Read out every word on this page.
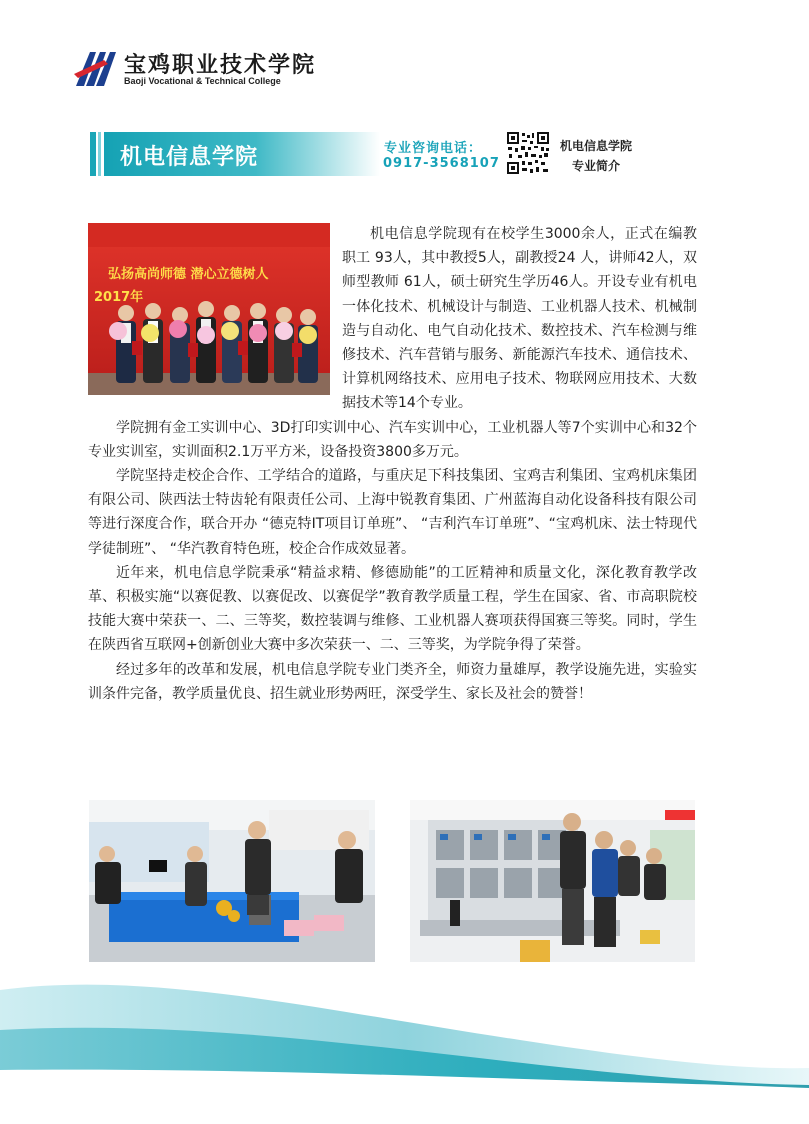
宝鸡职业技术学院
Baoji Vocational & Technical College
机电信息学院	专业咨询电话：
0917-3568107
机电信息学院
专业简介
弘扬高尚师德 潜心立德树人
2017年

机电信息学院现有在校学生3000余人，正式在编教职工 93人，其中教授5人，副教授24 人，讲师42人，双师型教师 61人，硕士研究生学历46人。开设专业有机电一体化技术、机械设计与制造、工业机器人技术、机械制造与自动化、电气自动化技术、数控技术、汽车检测与维修技术、汽车营销与服务、新能源汽车技术、通信技术、计算机网络技术、应用电子技术、物联网应用技术、大数据技术等14个专业。

学院拥有金工实训中心、3D打印实训中心、汽车实训中心，工业机器人等7个实训中心和32个专业实训室，实训面积2.1万平方米，设备投资3800多万元。

学院坚持走校企合作、工学结合的道路，与重庆足下科技集团、宝鸡吉利集团、宝鸡机床集团有限公司、陕西法士特齿轮有限责任公司、上海中锐教育集团、广州蓝海自动化设备科技有限公司等进行深度合作，联合开办 “德克特IT项目订单班”、 “吉利汽车订单班”、“宝鸡机床、法士特现代学徒制班”、 “华汽教育特色班，校企合作成效显著。

近年来，机电信息学院秉承“精益求精、修德励能”的工匠精神和质量文化，深化教育教学改革、积极实施“以赛促教、以赛促改、以赛促学”教育教学质量工程，学生在国家、省、市高职院校技能大赛中荣获一、二、三等奖，数控装调与维修、工业机器人赛项获得国赛三等奖。同时，学生在陕西省互联网+创新创业大赛中多次荣获一、二、三等奖，为学院争得了荣誉。

经过多年的改革和发展，机电信息学院专业门类齐全，师资力量雄厚，教学设施先进，实验实训条件完备，教学质量优良、招生就业形势两旺，深受学生、家长及社会的赞誉！
